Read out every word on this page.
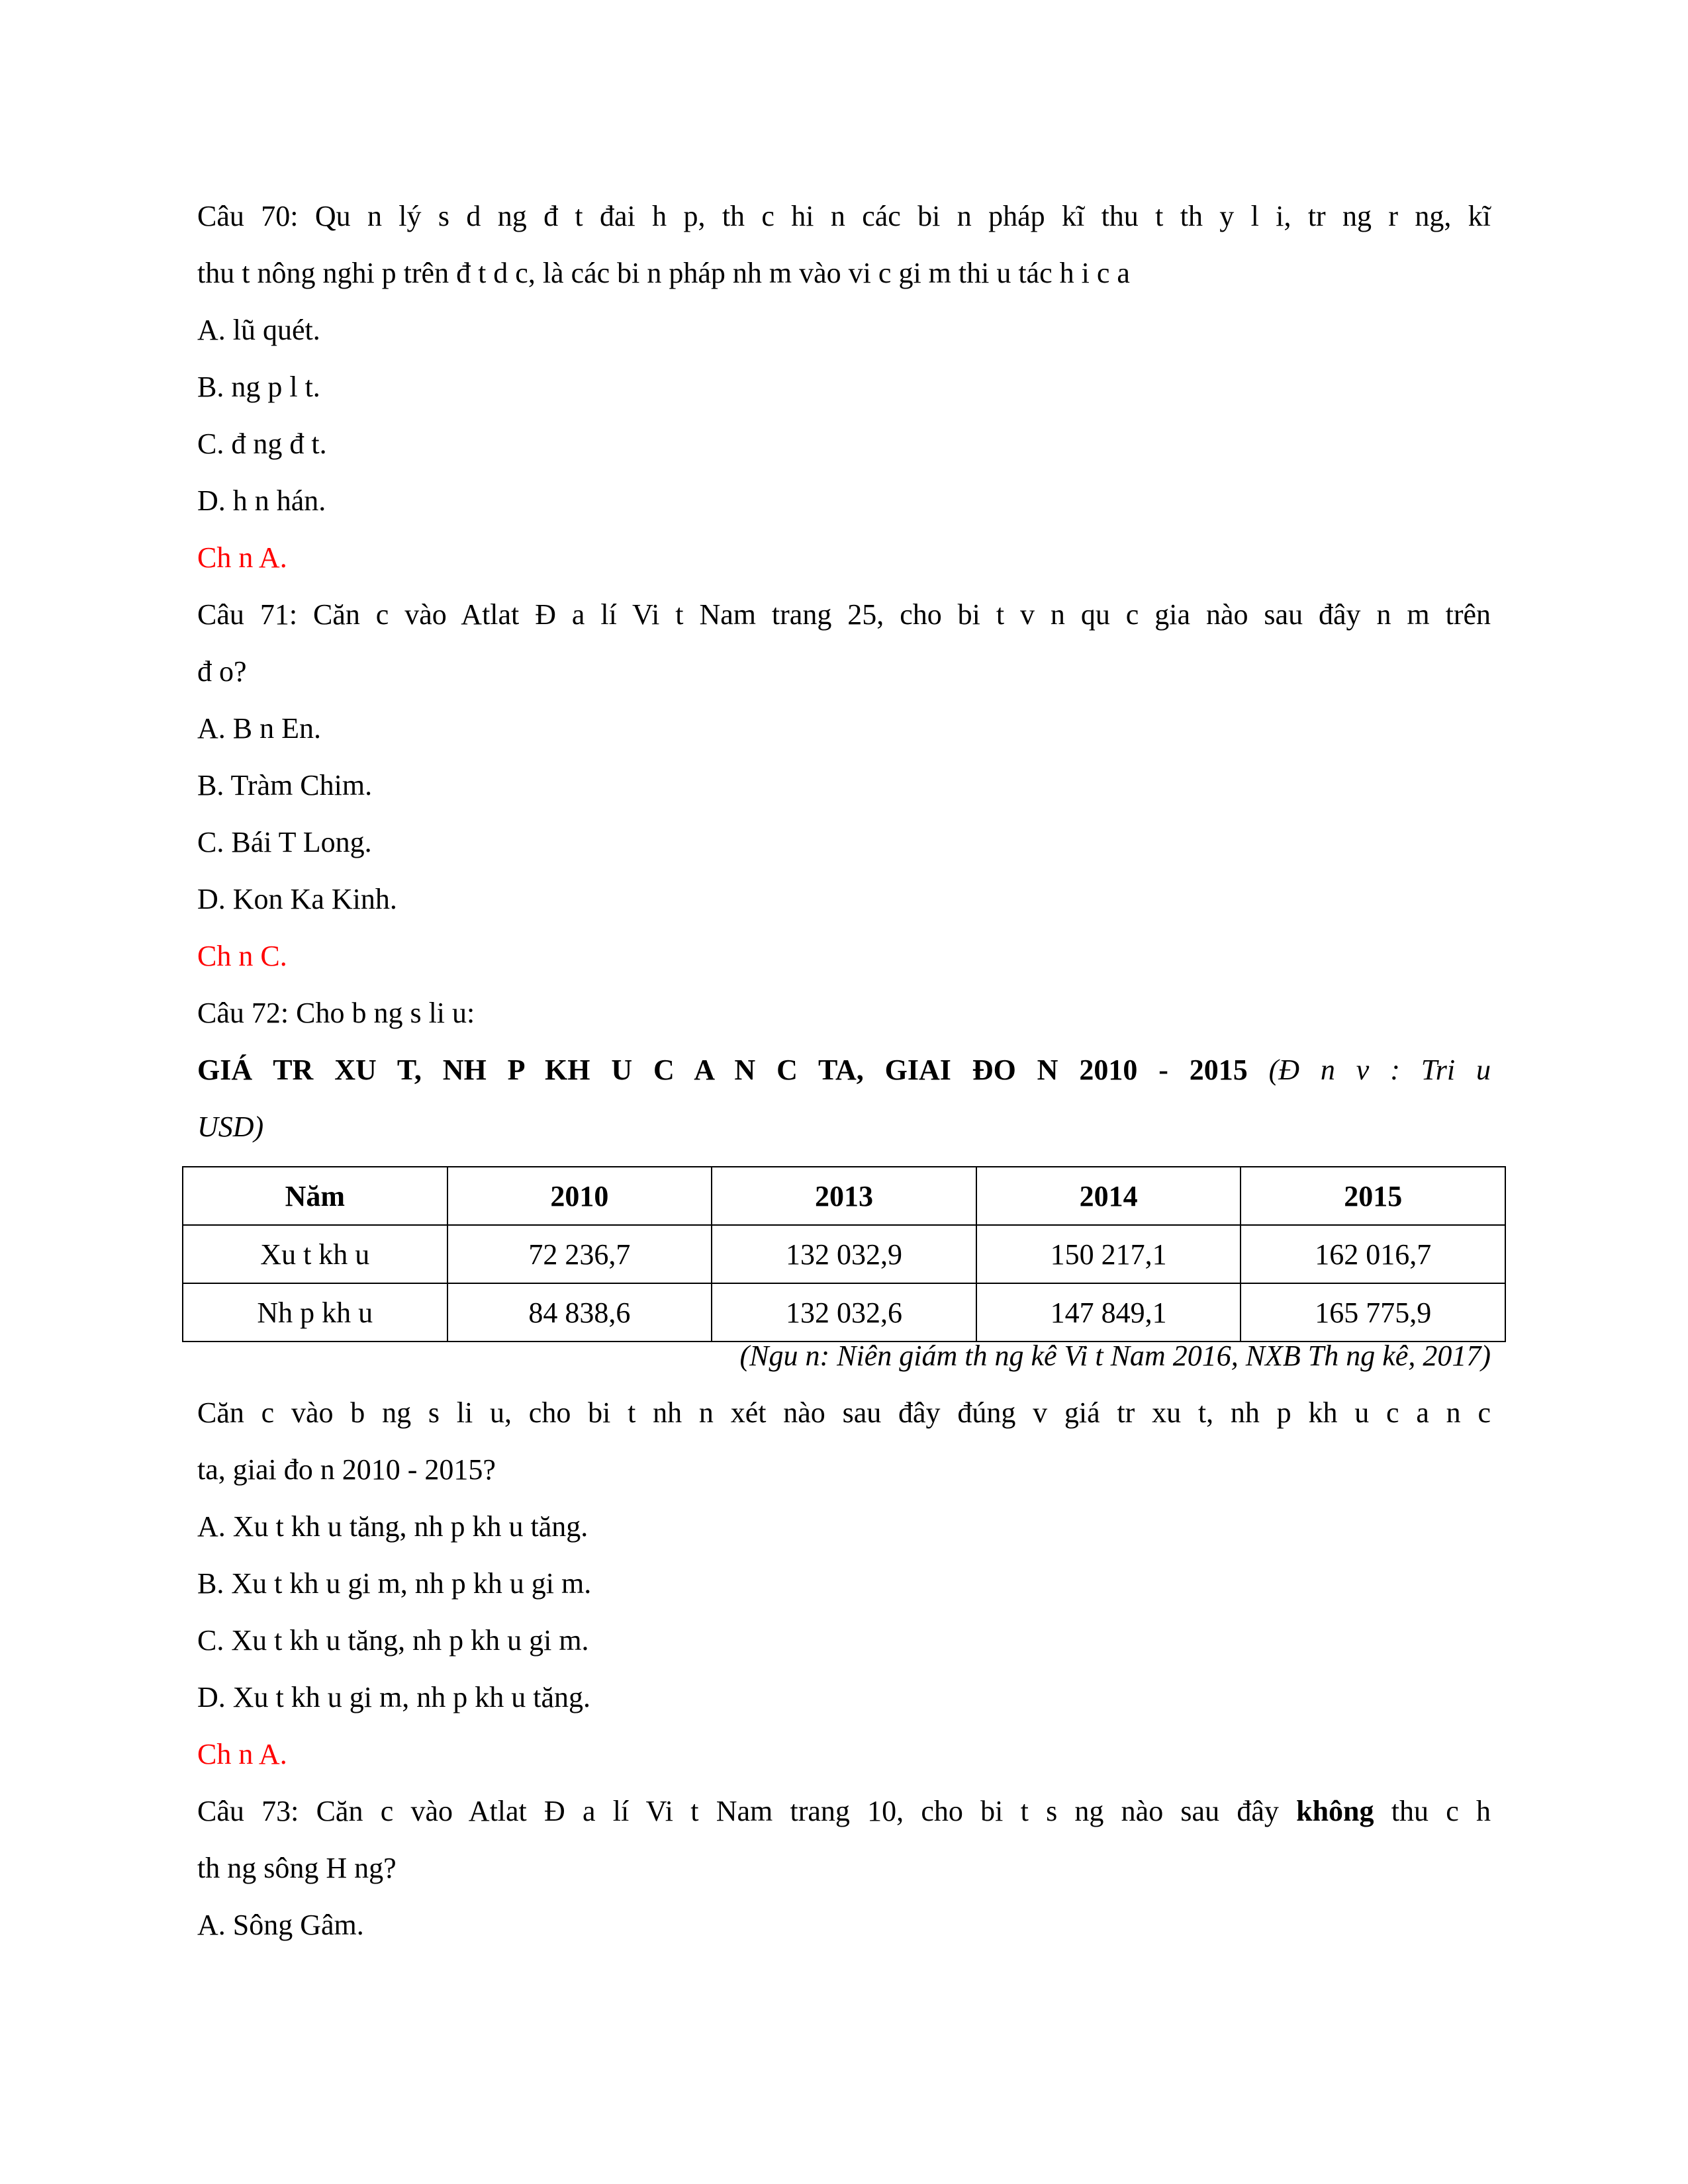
Câu 70: Qu n lý s d ng đ t đai h p, th c hi n các bi n pháp kĩ thu t th y l i, tr ng r ng, kĩ

thu t nông nghi p trên đ t d c, là các bi n pháp nh m vào vi c gi m thi u tác h i c a

A. lũ quét.

B. ng p l t.

C. đ ng đ t.

D. h n hán.

Ch n A.

Câu 71: Căn c vào Atlat Đ a lí Vi t Nam trang 25, cho bi t v n qu c gia nào sau đây n m trên

đ o?

A. B n En.

B. Tràm Chim.

C. Bái T Long.

D. Kon Ka Kinh.

Ch n C.

Câu 72: Cho b ng s li u:

GIÁ TR XU T, NH P KH U C A N C TA, GIAI ĐO N 2010 - 2015 (Đ n v : Tri u

USD)

Năm	2010	2013	2014	2015
Xu t kh u	72 236,7	132 032,9	150 217,1	162 016,7
Nh p kh u	84 838,6	132 032,6	147 849,1	165 775,9

(Ngu n: Niên giám th ng kê Vi t Nam 2016, NXB Th ng kê, 2017)

Căn c vào b ng s li u, cho bi t nh n xét nào sau đây đúng v giá tr xu t, nh p kh u c a n c

ta, giai đo n 2010 - 2015?

A. Xu t kh u tăng, nh p kh u tăng.

B. Xu t kh u gi m, nh p kh u gi m.

C. Xu t kh u tăng, nh p kh u gi m.

D. Xu t kh u gi m, nh p kh u tăng.

Ch n A.

Câu 73: Căn c vào Atlat Đ a lí Vi t Nam trang 10, cho bi t s ng nào sau đây không thu c h

th ng sông H ng?

A. Sông Gâm.
